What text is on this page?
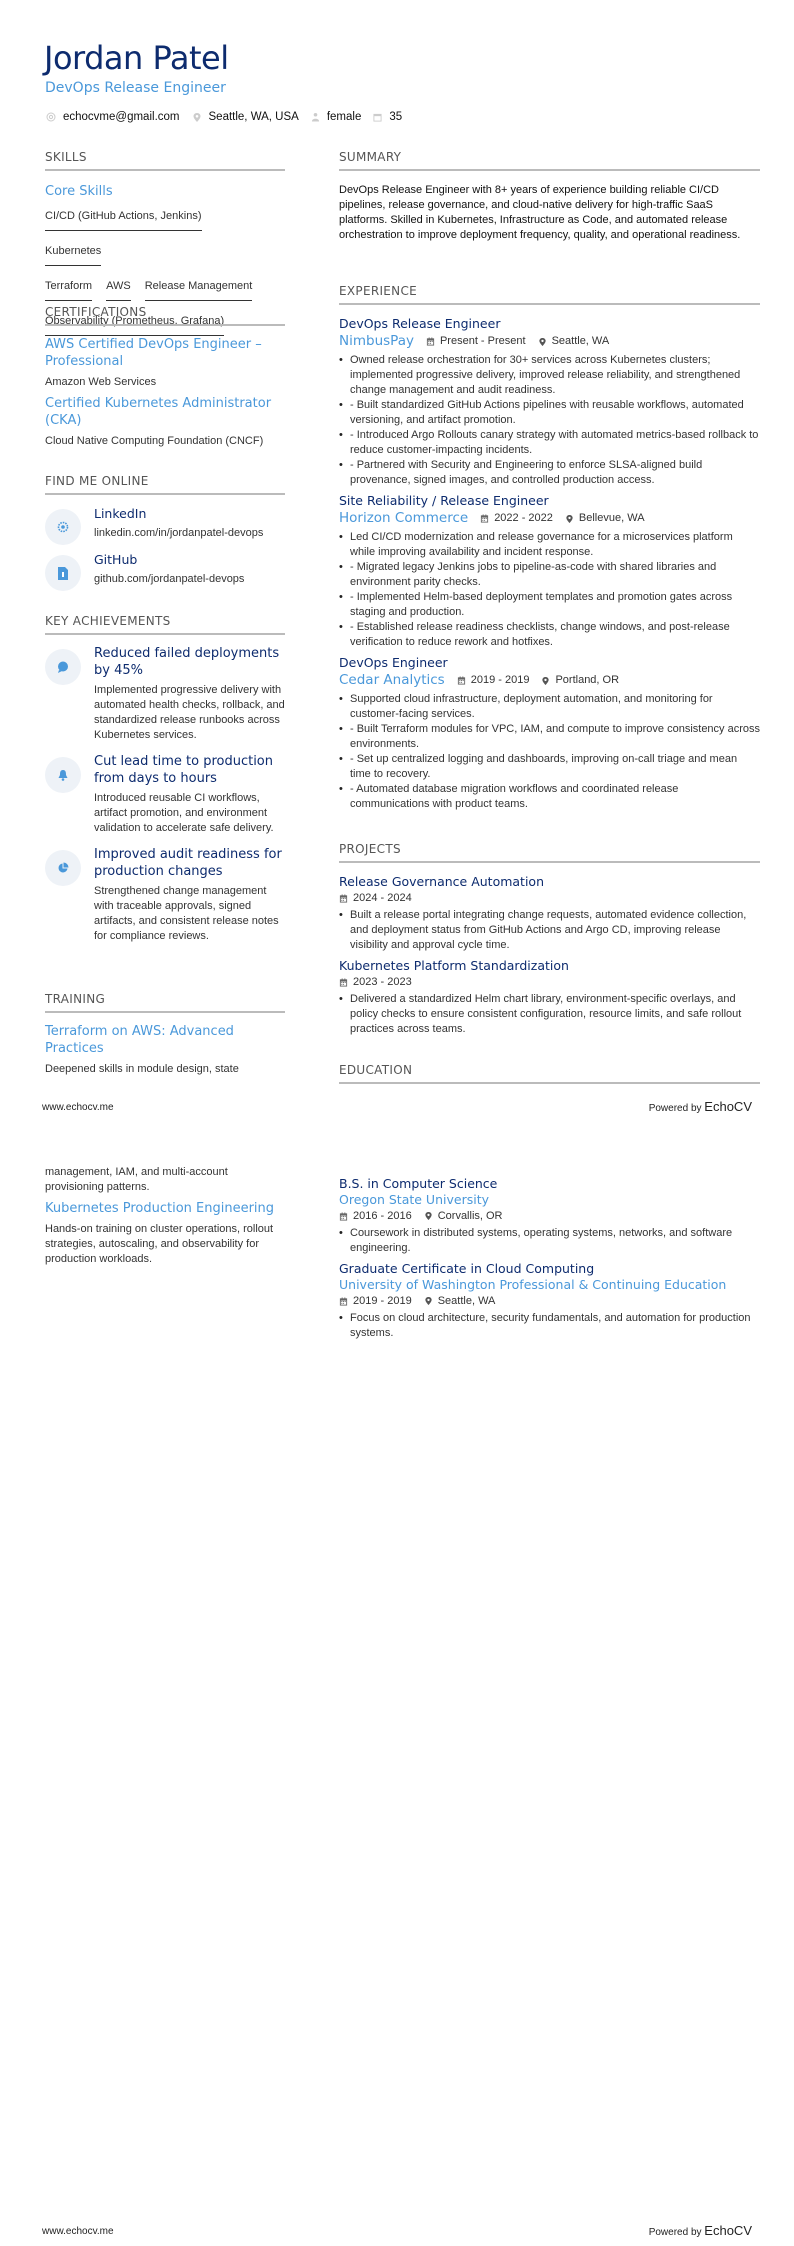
Jordan Patel
DevOps Release Engineer
echocvme@gmail.com	Seattle, WA, USA female 35
SKILLS
Core Skills
CI/CD (GitHub Actions, Jenkins)Kubernetes
Terraform AWS Release Management
Observability (Prometheus, Grafana)
CERTIFICATIONS
AWS Certified DevOps Engineer – Professional
Amazon Web Services
Certified Kubernetes Administrator (CKA)
Cloud Native Computing Foundation (CNCF)
FIND ME ONLINE
LinkedIn
linkedin.com/in/jordanpatel-devops
GitHub
github.com/jordanpatel-devops
KEY ACHIEVEMENTS
Reduced failed deployments by 45%
Implemented progressive delivery with automated health checks, rollback, and standardized release runbooks across Kubernetes services.
Cut lead time to production from days to hours
Introduced reusable CI workflows, artifact promotion, and environment validation to accelerate safe delivery.
Improved audit readiness for production changes
Strengthened change management with traceable approvals, signed artifacts, and consistent release notes for compliance reviews.
TRAINING
Terraform on AWS: Advanced Practices
Deepened skills in module design, state
SUMMARY
DevOps Release Engineer with 8+ years of experience building reliable CI/CD pipelines, release governance, and cloud-native delivery for high-traffic SaaS platforms. Skilled in Kubernetes, Infrastructure as Code, and automated release orchestration to improve deployment frequency, quality, and operational readiness.
EXPERIENCE
DevOps Release Engineer
NimbusPay Present - Present Seattle, WA
• Owned release orchestration for 30+ services across Kubernetes clusters; implemented progressive delivery, improved release reliability, and strengthened change management and audit readiness.
• - Built standardized GitHub Actions pipelines with reusable workflows, automated versioning, and artifact promotion.
• - Introduced Argo Rollouts canary strategy with automated metrics-based rollback to reduce customer-impacting incidents.
• - Partnered with Security and Engineering to enforce SLSA-aligned build provenance, signed images, and controlled production access.
Site Reliability / Release Engineer
Horizon Commerce 2022 - 2022 Bellevue, WA
• Led CI/CD modernization and release governance for a microservices platform while improving availability and incident response.
• - Migrated legacy Jenkins jobs to pipeline-as-code with shared libraries and environment parity checks.
• - Implemented Helm-based deployment templates and promotion gates across staging and production.
• - Established release readiness checklists, change windows, and post-release verification to reduce rework and hotfixes.
DevOps Engineer
Cedar Analytics 2019 - 2019 Portland, OR
• Supported cloud infrastructure, deployment automation, and monitoring for customer-facing services.
• - Built Terraform modules for VPC, IAM, and compute to improve consistency across environments.
• - Set up centralized logging and dashboards, improving on-call triage and mean time to recovery.
• - Automated database migration workflows and coordinated release communications with product teams.
PROJECTS
Release Governance Automation
2024 - 2024
• Built a release portal integrating change requests, automated evidence collection, and deployment status from GitHub Actions and Argo CD, improving release visibility and approval cycle time.
Kubernetes Platform Standardization
2023 - 2023
• Delivered a standardized Helm chart library, environment-specific overlays, and policy checks to ensure consistent configuration, resource limits, and safe rollout practices across teams.
EDUCATION
www.echocv.me	Powered by EchoCV
management, IAM, and multi-account provisioning patterns.
Kubernetes Production Engineering
Hands-on training on cluster operations, rollout strategies, autoscaling, and observability for production workloads.
B.S. in Computer Science
Oregon State University
2016 - 2016 Corvallis, OR
• Coursework in distributed systems, operating systems, networks, and software engineering.
Graduate Certificate in Cloud Computing
University of Washington Professional & Continuing Education
2019 - 2019 Seattle, WA
• Focus on cloud architecture, security fundamentals, and automation for production systems.
www.echocv.me	Powered by EchoCV
